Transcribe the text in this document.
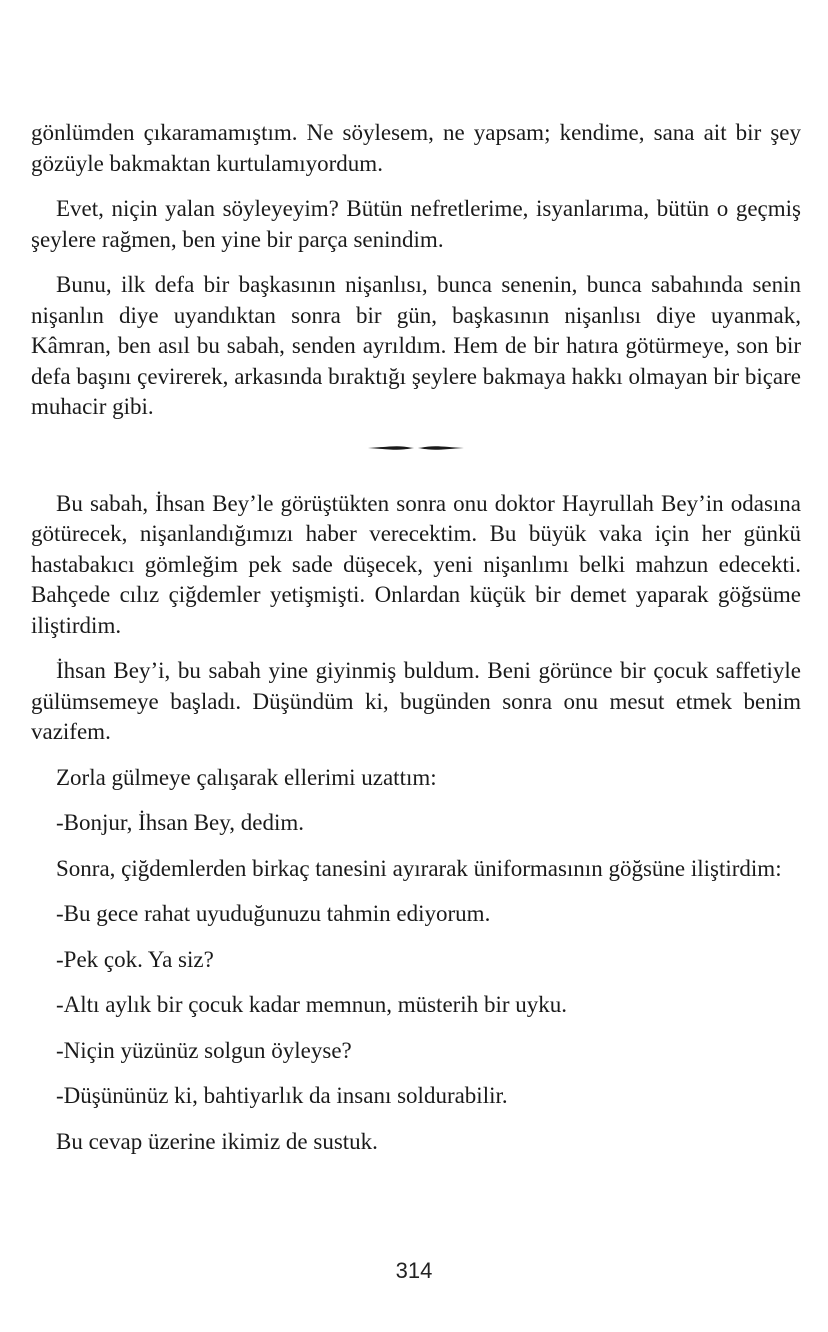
gönlümden çıkaramamıştım. Ne söylesem, ne yapsam; kendime, sana ait bir şey gözüyle bakmaktan kurtulamıyordum.

Evet, niçin yalan söyleyeyim? Bütün nefretlerime, isyanlarıma, bütün o geçmiş şeylere rağmen, ben yine bir parça senindim.

Bunu, ilk defa bir başkasının nişanlısı, bunca senenin, bunca sabahında senin nişanlın diye uyandıktan sonra bir gün, başkasının nişanlısı diye uyanmak, Kâmran, ben asıl bu sabah, senden ayrıldım. Hem de bir hatıra götürmeye, son bir defa başını çevirerek, arkasında bıraktığı şeylere bakmaya hakkı olmayan bir biçare muhacir gibi.

Bu sabah, İhsan Bey’le görüştükten sonra onu doktor Hayrullah Bey’in odasına götürecek, nişanlandığımızı haber verecektim. Bu büyük vaka için her günkü hastabakıcı gömleğim pek sade düşecek, yeni nişanlımı belki mahzun edecekti. Bahçede cılız çiğdemler yetişmişti. Onlardan küçük bir demet yaparak göğsüme iliştirdim.

İhsan Bey’i, bu sabah yine giyinmiş buldum. Beni görünce bir çocuk saffetiyle gülümsemeye başladı. Düşündüm ki, bugünden sonra onu mesut etmek benim vazifem.

Zorla gülmeye çalışarak ellerimi uzattım:

-Bonjur, İhsan Bey, dedim.

Sonra, çiğdemlerden birkaç tanesini ayırarak üniformasının göğsüne iliştirdim:

-Bu gece rahat uyuduğunuzu tahmin ediyorum.

-Pek çok. Ya siz?

-Altı aylık bir çocuk kadar memnun, müsterih bir uyku.

-Niçin yüzünüz solgun öyleyse?

-Düşününüz ki, bahtiyarlık da insanı soldurabilir.

Bu cevap üzerine ikimiz de sustuk.

314
